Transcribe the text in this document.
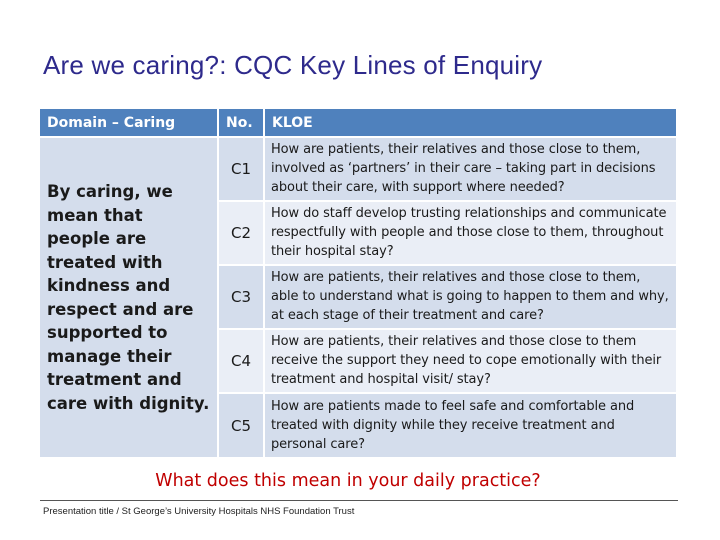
Are we caring?: CQC Key Lines of Enquiry
Domain – Caring	No.	KLOE
By caring, we mean that people are treated with kindness and respect and are supported to manage their treatment and care with dignity.	C1	How are patients, their relatives and those close to them, involved as ‘partners’ in their care – taking part in decisions about their care, with support where needed?
	C2	How do staff develop trusting relationships and communicate respectfully with people and those close to them, throughout their hospital stay?
	C3	How are patients, their relatives and those close to them, able to understand what is going to happen to them and why, at each stage of their treatment and care?
	C4	How are patients, their relatives and those close to them receive the support they need to cope emotionally with their treatment and hospital visit/ stay?
	C5	How are patients made to feel safe and comfortable and treated with dignity while they receive treatment and personal care?

What does this mean in your daily practice?

Presentation title / St George’s University Hospitals NHS Foundation Trust
